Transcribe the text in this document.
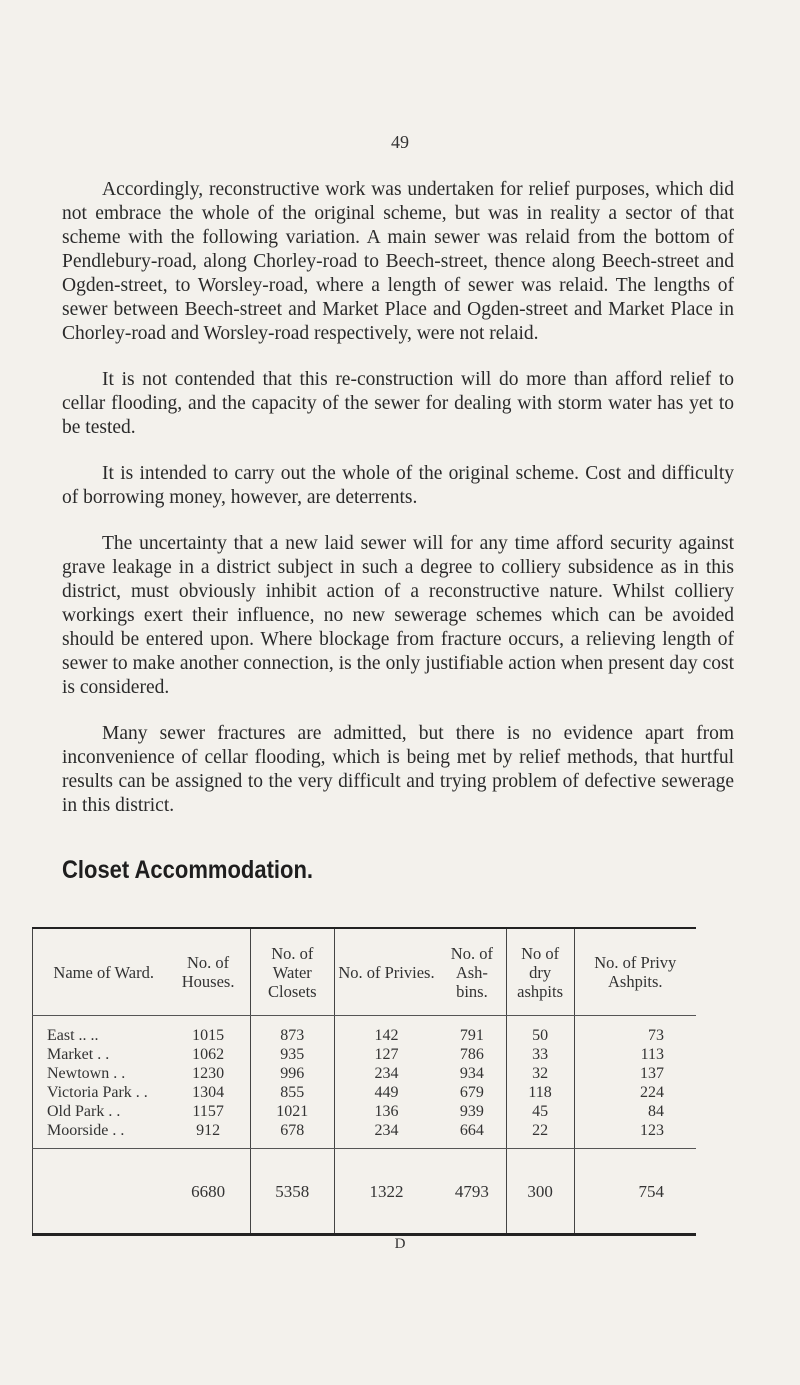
49

Accordingly, reconstructive work was undertaken for relief purposes, which did not embrace the whole of the original scheme, but was in reality a sector of that scheme with the following variation. A main sewer was relaid from the bottom of Pendlebury-road, along Chorley-road to Beech-street, thence along Beech-street and Ogden-street, to Worsley-road, where a length of sewer was relaid. The lengths of sewer between Beech-street and Market Place and Ogden-street and Market Place in Chorley-road and Worsley-road respectively, were not relaid.

It is not contended that this re-construction will do more than afford relief to cellar flooding, and the capacity of the sewer for dealing with storm water has yet to be tested.

It is intended to carry out the whole of the original scheme. Cost and difficulty of borrowing money, however, are deterrents.

The uncertainty that a new laid sewer will for any time afford security against grave leakage in a district subject in such a degree to colliery subsidence as in this district, must obviously inhibit action of a reconstructive nature. Whilst colliery workings exert their influence, no new sewerage schemes which can be avoided should be entered upon. Where blockage from fracture occurs, a relieving length of sewer to make another connection, is the only justifiable action when present day cost is considered.

Many sewer fractures are admitted, but there is no evidence apart from inconvenience of cellar flooding, which is being met by relief methods, that hurtful results can be assigned to the very difficult and trying problem of defective sewerage in this district.

Closet Accommodation.
Name of Ward.	No. of Houses.	No. of Water Closets	No. of Privies.	No. of Ash-bins.	No of dry ashpits	No. of Privy Ashpits.
East .. ..	1015	873	142	791	50	73
Market . .	1062	935	127	786	33	113
Newtown . .	1230	996	234	934	32	137
Victoria Park . .	1304	855	449	679	118	224
Old Park . .	1157	1021	136	939	45	84
Moorside . .	912	678	234	664	22	123
	6680	5358	1322	4793	300	754
D
